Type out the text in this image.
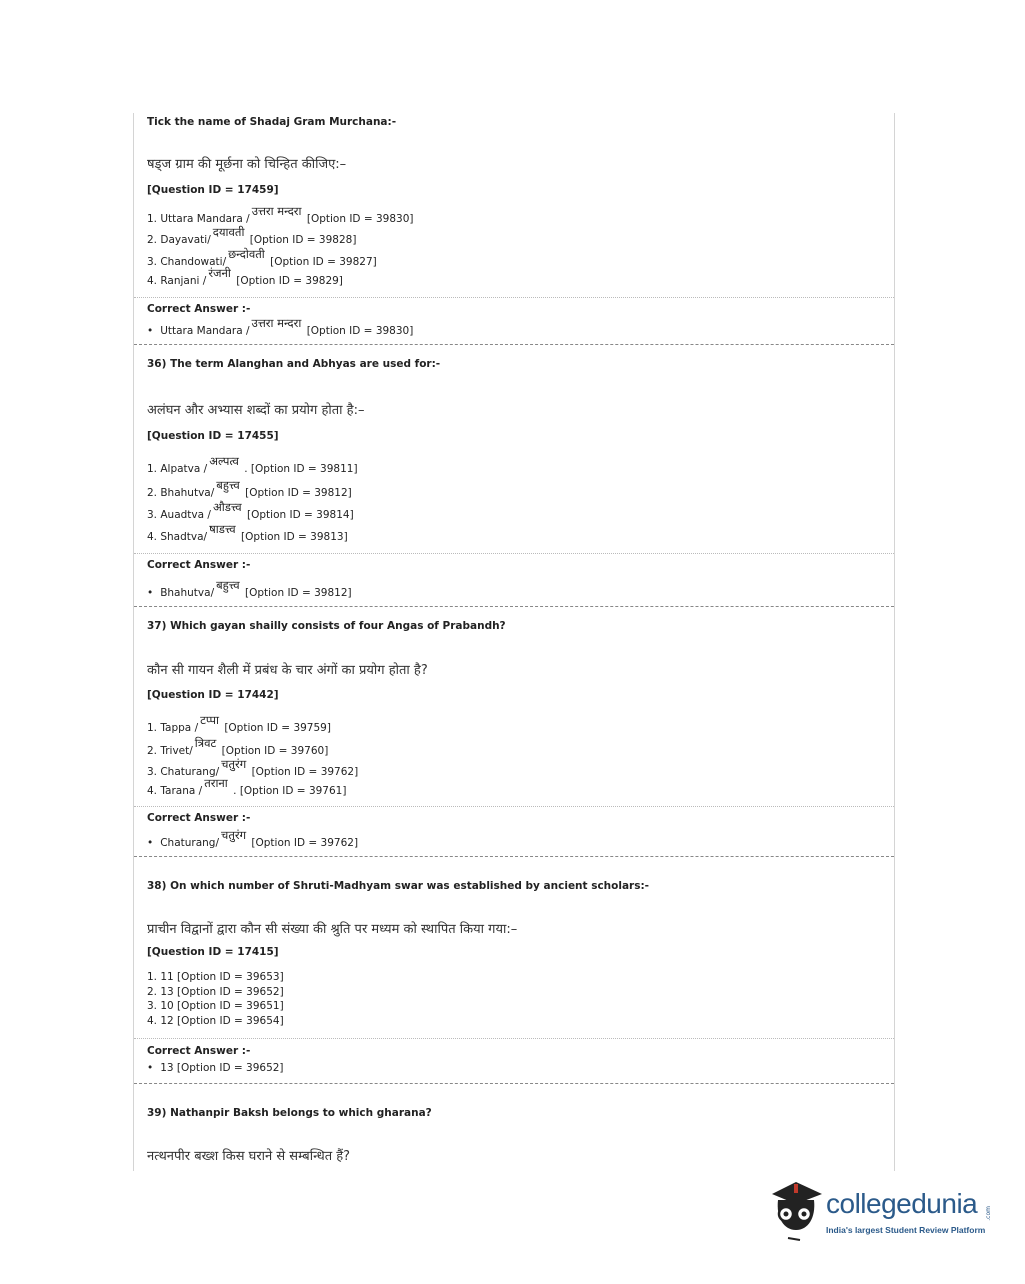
Tick the name of Shadaj Gram Murchana:-
षड्ज ग्राम की मूर्छना को चिन्हित कीजिए:–
[Question ID = 17459]
1. Uttara Mandara /उत्तरा मन्दरा [Option ID = 39830]
2. Dayavati/दयावती [Option ID = 39828]
3. Chandowati/छन्दोवती [Option ID = 39827]
4. Ranjani /रंजनी [Option ID = 39829]
Correct Answer :-
• Uttara Mandara /उत्तरा मन्दरा [Option ID = 39830]
36) The term Alanghan and Abhyas are used for:-
अलंघन और अभ्यास शब्दों का प्रयोग होता है:–
[Question ID = 17455]
1. Alpatva /अल्पत्व . [Option ID = 39811]
2. Bhahutva/बहुत्त्व [Option ID = 39812]
3. Auadtva /औडत्त्व [Option ID = 39814]
4. Shadtva/षाडत्त्व [Option ID = 39813]
Correct Answer :-
• Bhahutva/बहुत्त्व [Option ID = 39812]
37) Which gayan shailly consists of four Angas of Prabandh?
कौन सी गायन शैली में प्रबंध के चार अंगों का प्रयोग होता है?
[Question ID = 17442]
1. Tappa /टप्पा [Option ID = 39759]
2. Trivet/त्रिवट [Option ID = 39760]
3. Chaturang/चतुरंग [Option ID = 39762]
4. Tarana /तराना . [Option ID = 39761]
Correct Answer :-
• Chaturang/चतुरंग [Option ID = 39762]
38) On which number of Shruti-Madhyam swar was established by ancient scholars:-
प्राचीन विद्वानों द्वारा कौन सी संख्या की श्रुति पर मध्यम को स्थापित किया गया:–
[Question ID = 17415]
1. 11 [Option ID = 39653]
2. 13 [Option ID = 39652]
3. 10 [Option ID = 39651]
4. 12 [Option ID = 39654]
Correct Answer :-
• 13 [Option ID = 39652]
39) Nathanpir Baksh belongs to which gharana?
नत्थनपीर बख्श किस घराने से सम्बन्धित हैं?
collegedunia .com
India's largest Student Review Platform
